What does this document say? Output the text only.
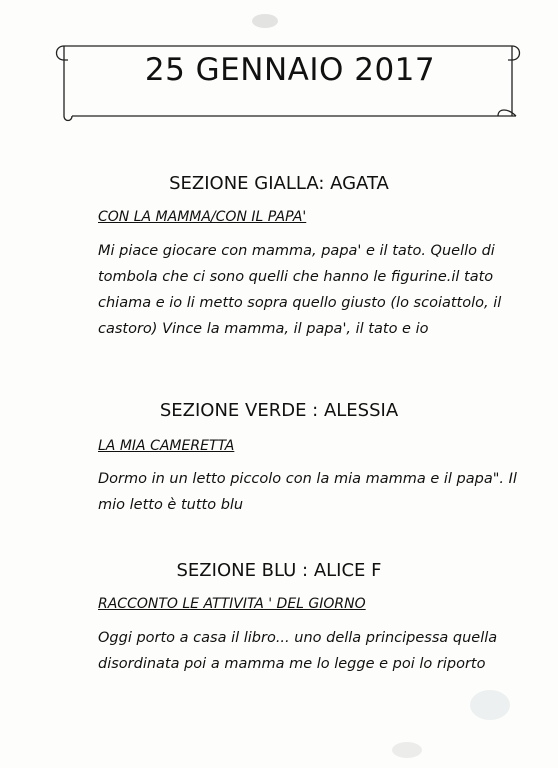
25 GENNAIO 2017
SEZIONE GIALLA: AGATA
CON LA MAMMA/CON IL PAPA'
Mi piace giocare con mamma, papa' e il tato. Quello di tombola che ci sono quelli che hanno le figurine.il tato chiama e io li metto sopra quello giusto (lo scoiattolo, il castoro) Vince la mamma, il papa', il tato e io
SEZIONE VERDE : ALESSIA
LA MIA CAMERETTA
Dormo in un letto piccolo con la mia mamma e il papa". Il mio letto è tutto blu
SEZIONE BLU : ALICE F
RACCONTO LE ATTIVITA ' DEL GIORNO
Oggi porto a casa il libro... uno della principessa quella disordinata poi a mamma me lo legge e poi lo riporto
